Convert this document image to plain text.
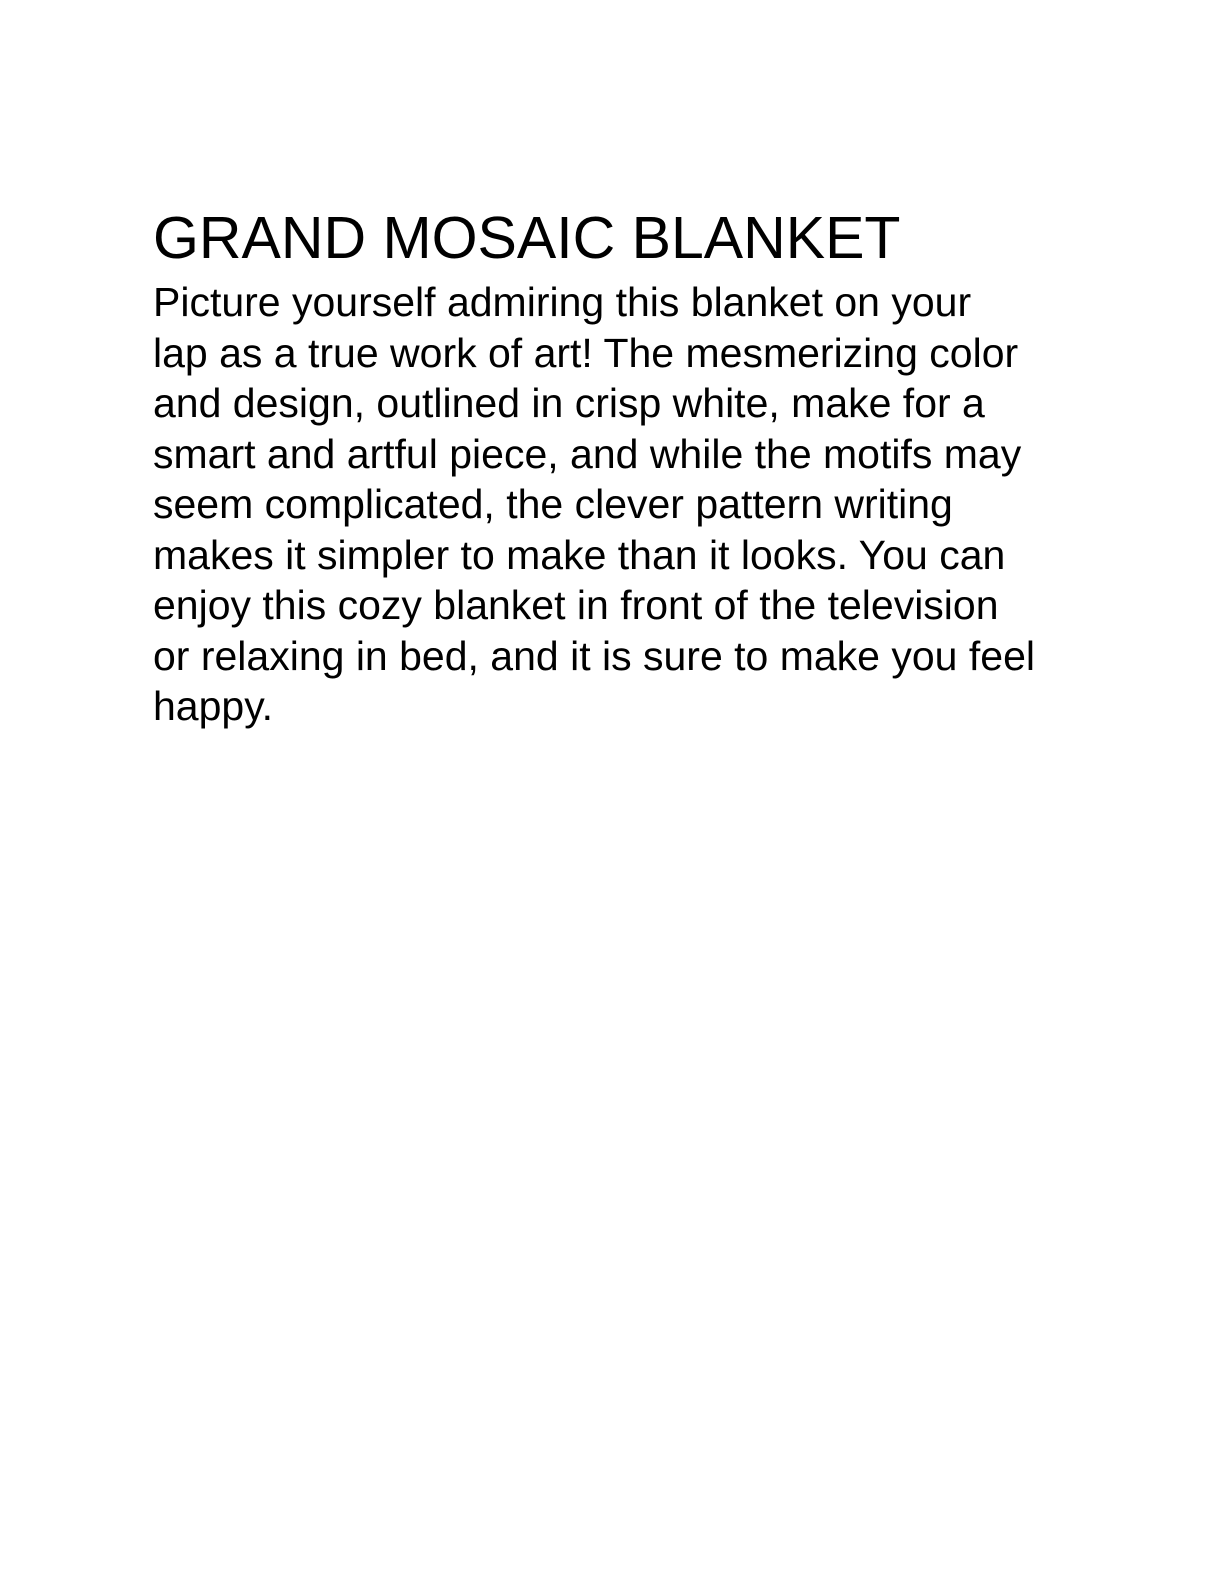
GRAND MOSAIC BLANKET

Picture yourself admiring this blanket on your
lap as a true work of art! The mesmerizing color
and design, outlined in crisp white, make for a
smart and artful piece, and while the motifs may
seem complicated, the clever pattern writing
makes it simpler to make than it looks. You can
enjoy this cozy blanket in front of the television
or relaxing in bed, and it is sure to make you feel
happy.
